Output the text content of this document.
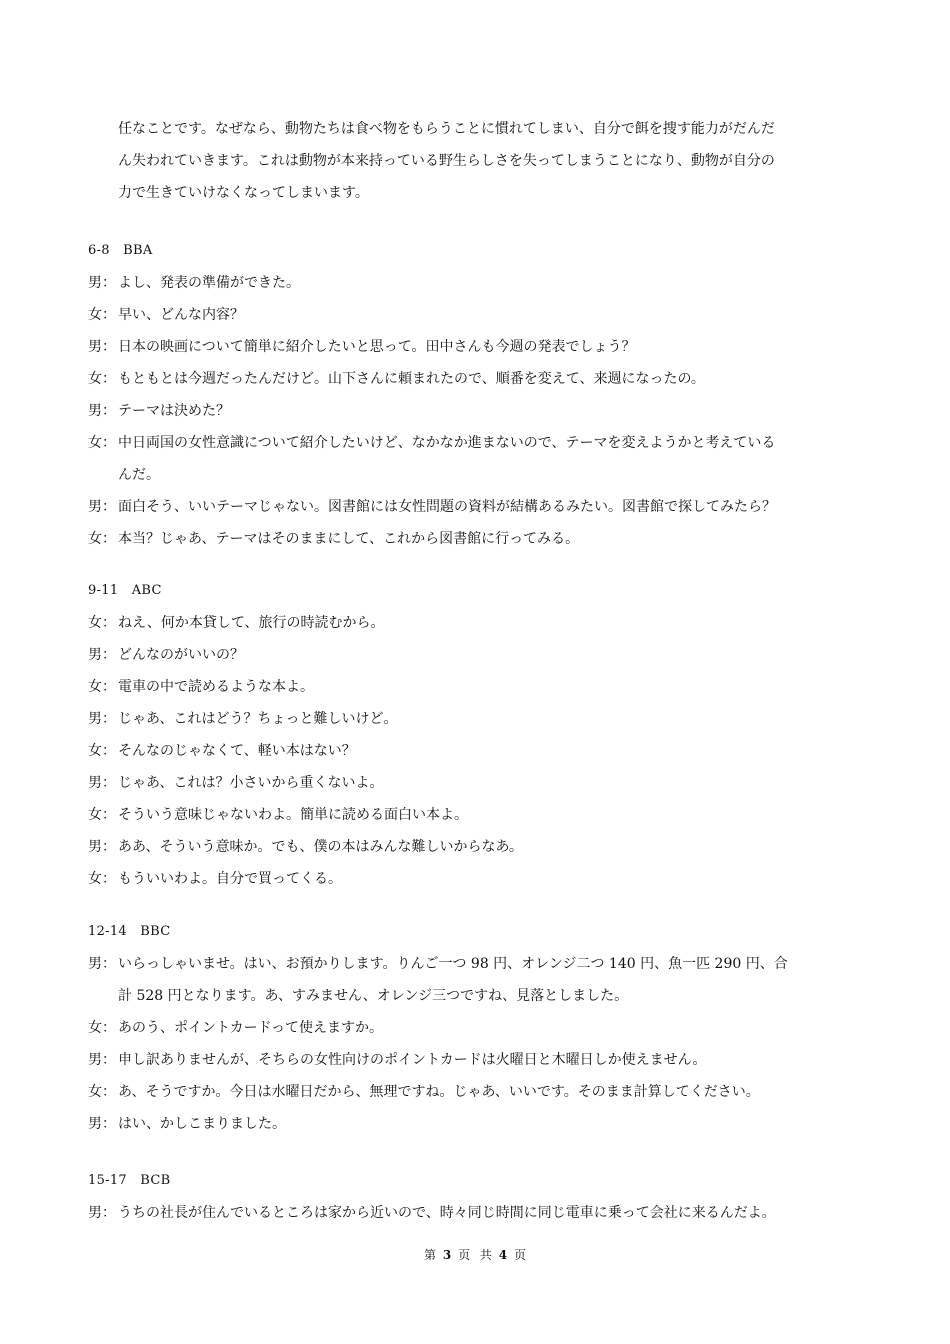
任なことです。なぜなら、動物たちは食べ物をもらうことに慣れてしまい、自分で餌を捜す能力がだんだ

ん失われていきます。これは動物が本来持っている野生らしさを失ってしまうことになり、動物が自分の

力で生きていけなくなってしまいます。

6-8　BBA
男： よし、発表の準備ができた。
女： 早い、どんな内容？
男： 日本の映画について簡単に紹介したいと思って。田中さんも今週の発表でしょう？
女： もともとは今週だったんだけど。山下さんに頼まれたので、順番を変えて、来週になったの。
男： テーマは決めた？
女： 中日両国の女性意識について紹介したいけど、なかなか進まないので、テーマを変えようかと考えている
んだ。
男： 面白そう、いいテーマじゃない。図書館には女性問題の資料が結構あるみたい。図書館で探してみたら？
女： 本当？じゃあ、テーマはそのままにして、これから図書館に行ってみる。
9-11　ABC
女： ねえ、何か本貸して、旅行の時読むから。
男： どんなのがいいの？
女： 電車の中で読めるような本よ。
男： じゃあ、これはどう？ちょっと難しいけど。
女： そんなのじゃなくて、軽い本はない？
男： じゃあ、これは？小さいから重くないよ。
女： そういう意味じゃないわよ。簡単に読める面白い本よ。
男： ああ、そういう意味か。でも、僕の本はみんな難しいからなあ。
女： もういいわよ。自分で買ってくる。
12-14　BBC
男： いらっしゃいませ。はい、お預かりします。りんご一つ 98 円、オレンジ二つ 140 円、魚一匹 290 円、合
計 528 円となります。あ、すみません、オレンジ三つですね、見落としました。
女： あのう、ポイントカードって使えますか。
男： 申し訳ありませんが、そちらの女性向けのポイントカードは火曜日と木曜日しか使えません。
女： あ、そうですか。今日は水曜日だから、無理ですね。じゃあ、いいです。そのまま計算してください。
男： はい、かしこまりました。
15-17　BCB
男： うちの社長が住んでいるところは家から近いので、時々同じ時間に同じ電車に乗って会社に来るんだよ。
第 3 页 共 4 页
